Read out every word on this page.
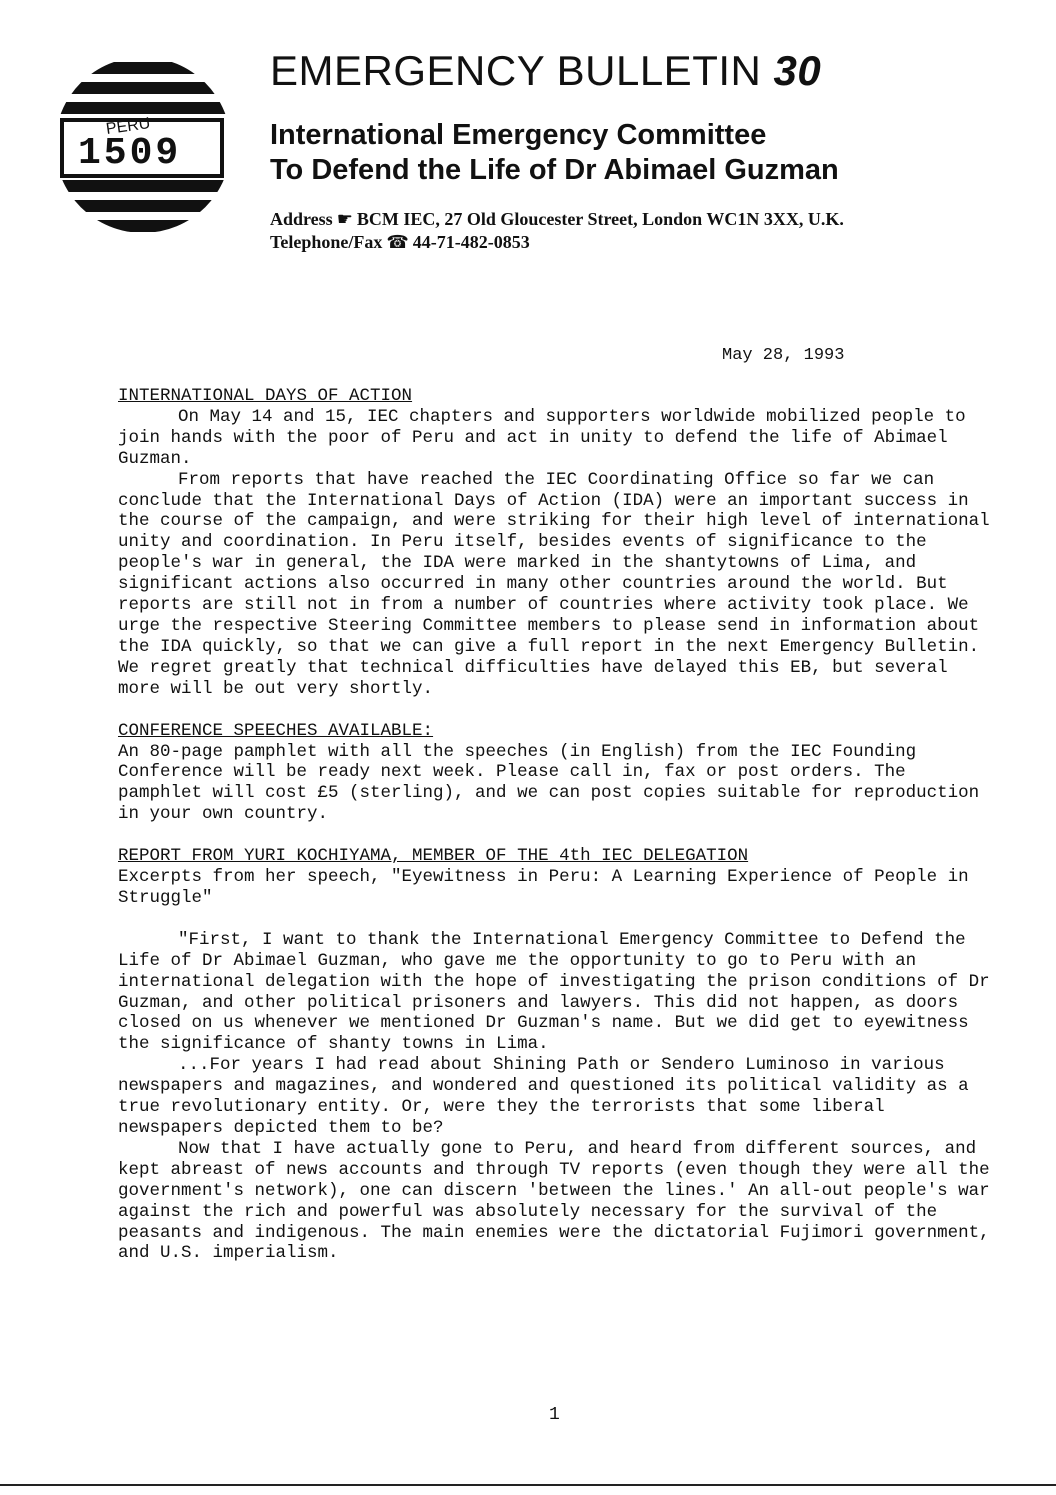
PERU
1509
EMERGENCY BULLETIN 30
International Emergency Committee
To Defend the Life of Dr Abimael Guzman
Address ☛ BCM IEC, 27 Old Gloucester Street, London WC1N 3XX, U.K.
Telephone/Fax ☎ 44-71-482-0853
May 28, 1993

INTERNATIONAL DAYS OF ACTION

On May 14 and 15, IEC chapters and supporters worldwide mobilized people to join hands with the poor of Peru and act in unity to defend the life of Abimael Guzman.

From reports that have reached the IEC Coordinating Office so far we can conclude that the International Days of Action (IDA) were an important success in the course of the campaign, and were striking for their high level of international unity and coordination. In Peru itself, besides events of significance to the people's war in general, the IDA were marked in the shantytowns of Lima, and significant actions also occurred in many other countries around the world. But reports are still not in from a number of countries where activity took place. We urge the respective Steering Committee members to please send in information about the IDA quickly, so that we can give a full report in the next Emergency Bulletin. We regret greatly that technical difficulties have delayed this EB, but several more will be out very shortly.

CONFERENCE SPEECHES AVAILABLE:

An 80-page pamphlet with all the speeches (in English) from the IEC Founding Conference will be ready next week. Please call in, fax or post orders. The pamphlet will cost £5 (sterling), and we can post copies suitable for reproduction in your own country.

REPORT FROM YURI KOCHIYAMA, MEMBER OF THE 4th IEC DELEGATION

Excerpts from her speech, "Eyewitness in Peru: A Learning Experience of People in Struggle"

"First, I want to thank the International Emergency Committee to Defend the Life of Dr Abimael Guzman, who gave me the opportunity to go to Peru with an international delegation with the hope of investigating the prison conditions of Dr Guzman, and other political prisoners and lawyers. This did not happen, as doors closed on us whenever we mentioned Dr Guzman's name. But we did get to eyewitness the significance of shanty towns in Lima.

...For years I had read about Shining Path or Sendero Luminoso in various newspapers and magazines, and wondered and questioned its political validity as a true revolutionary entity. Or, were they the terrorists that some liberal newspapers depicted them to be?

Now that I have actually gone to Peru, and heard from different sources, and kept abreast of news accounts and through TV reports (even though they were all the government's network), one can discern 'between the lines.' An all-out people's war against the rich and powerful was absolutely necessary for the survival of the peasants and indigenous. The main enemies were the dictatorial Fujimori government, and U.S. imperialism.

1
